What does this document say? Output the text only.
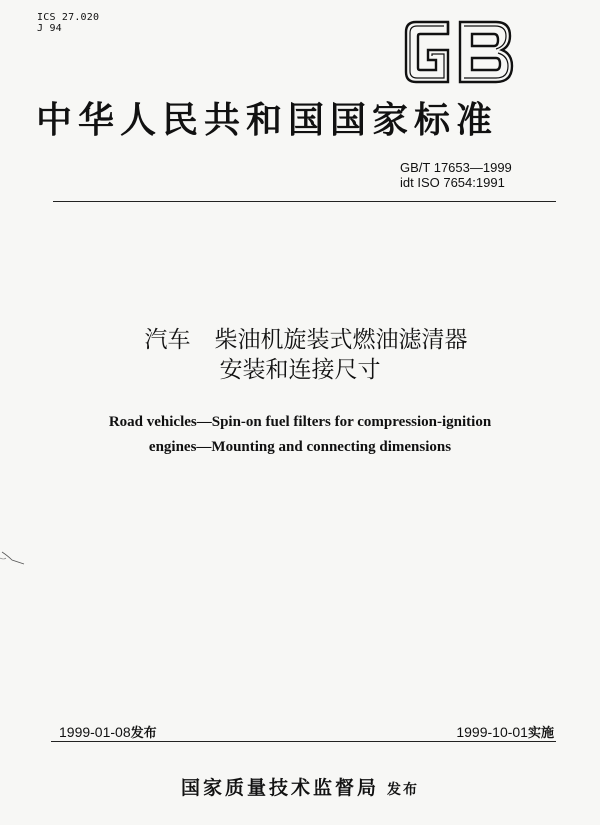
ICS 27.020
J 94
中华人民共和国国家标准
GB/T 17653—1999
idt ISO 7654:1991
汽车 柴油机旋装式燃油滤清器
安装和连接尺寸
Road vehicles—Spin-on fuel filters for compression-ignition
engines—Mounting and connecting dimensions
1999-01-08发布	1999-10-01实施
国家质量技术监督局 发布
